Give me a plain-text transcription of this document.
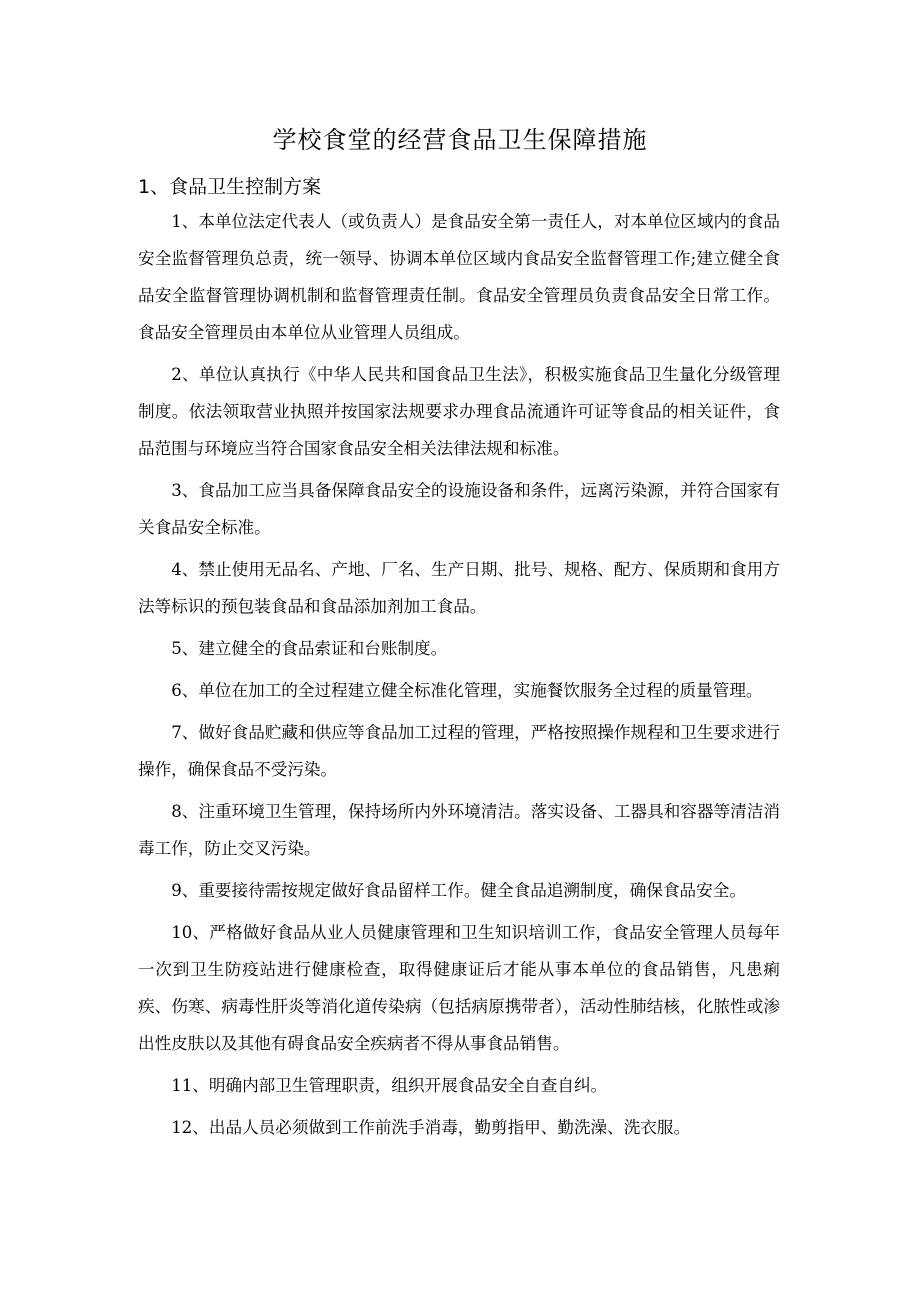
学校食堂的经营食品卫生保障措施
1、食品卫生控制方案

1、本单位法定代表人（或负责人）是食品安全第一责任人，对本单位区域内的食品安全监督管理负总责，统一领导、协调本单位区域内食品安全监督管理工作;建立健全食品安全监督管理协调机制和监督管理责任制。食品安全管理员负责食品安全日常工作。食品安全管理员由本单位从业管理人员组成。

2、单位认真执行《中华人民共和国食品卫生法》，积极实施食品卫生量化分级管理制度。依法领取营业执照并按国家法规要求办理食品流通许可证等食品的相关证件，食品范围与环境应当符合国家食品安全相关法律法规和标准。

3、食品加工应当具备保障食品安全的设施设备和条件，远离污染源，并符合国家有关食品安全标准。

4、禁止使用无品名、产地、厂名、生产日期、批号、规格、配方、保质期和食用方法等标识的预包装食品和食品添加剂加工食品。

5、建立健全的食品索证和台账制度。

6、单位在加工的全过程建立健全标准化管理，实施餐饮服务全过程的质量管理。

7、做好食品贮藏和供应等食品加工过程的管理，严格按照操作规程和卫生要求进行操作，确保食品不受污染。

8、注重环境卫生管理，保持场所内外环境清洁。落实设备、工器具和容器等清洁消毒工作，防止交叉污染。

9、重要接待需按规定做好食品留样工作。健全食品追溯制度，确保食品安全。

10、严格做好食品从业人员健康管理和卫生知识培训工作，食品安全管理人员每年一次到卫生防疫站进行健康检查，取得健康证后才能从事本单位的食品销售，凡患痢疾、伤寒、病毒性肝炎等消化道传染病（包括病原携带者），活动性肺结核，化脓性或渗出性皮肤以及其他有碍食品安全疾病者不得从事食品销售。

11、明确内部卫生管理职责，组织开展食品安全自查自纠。

12、出品人员必须做到工作前洗手消毒，勤剪指甲、勤洗澡、洗衣服。
